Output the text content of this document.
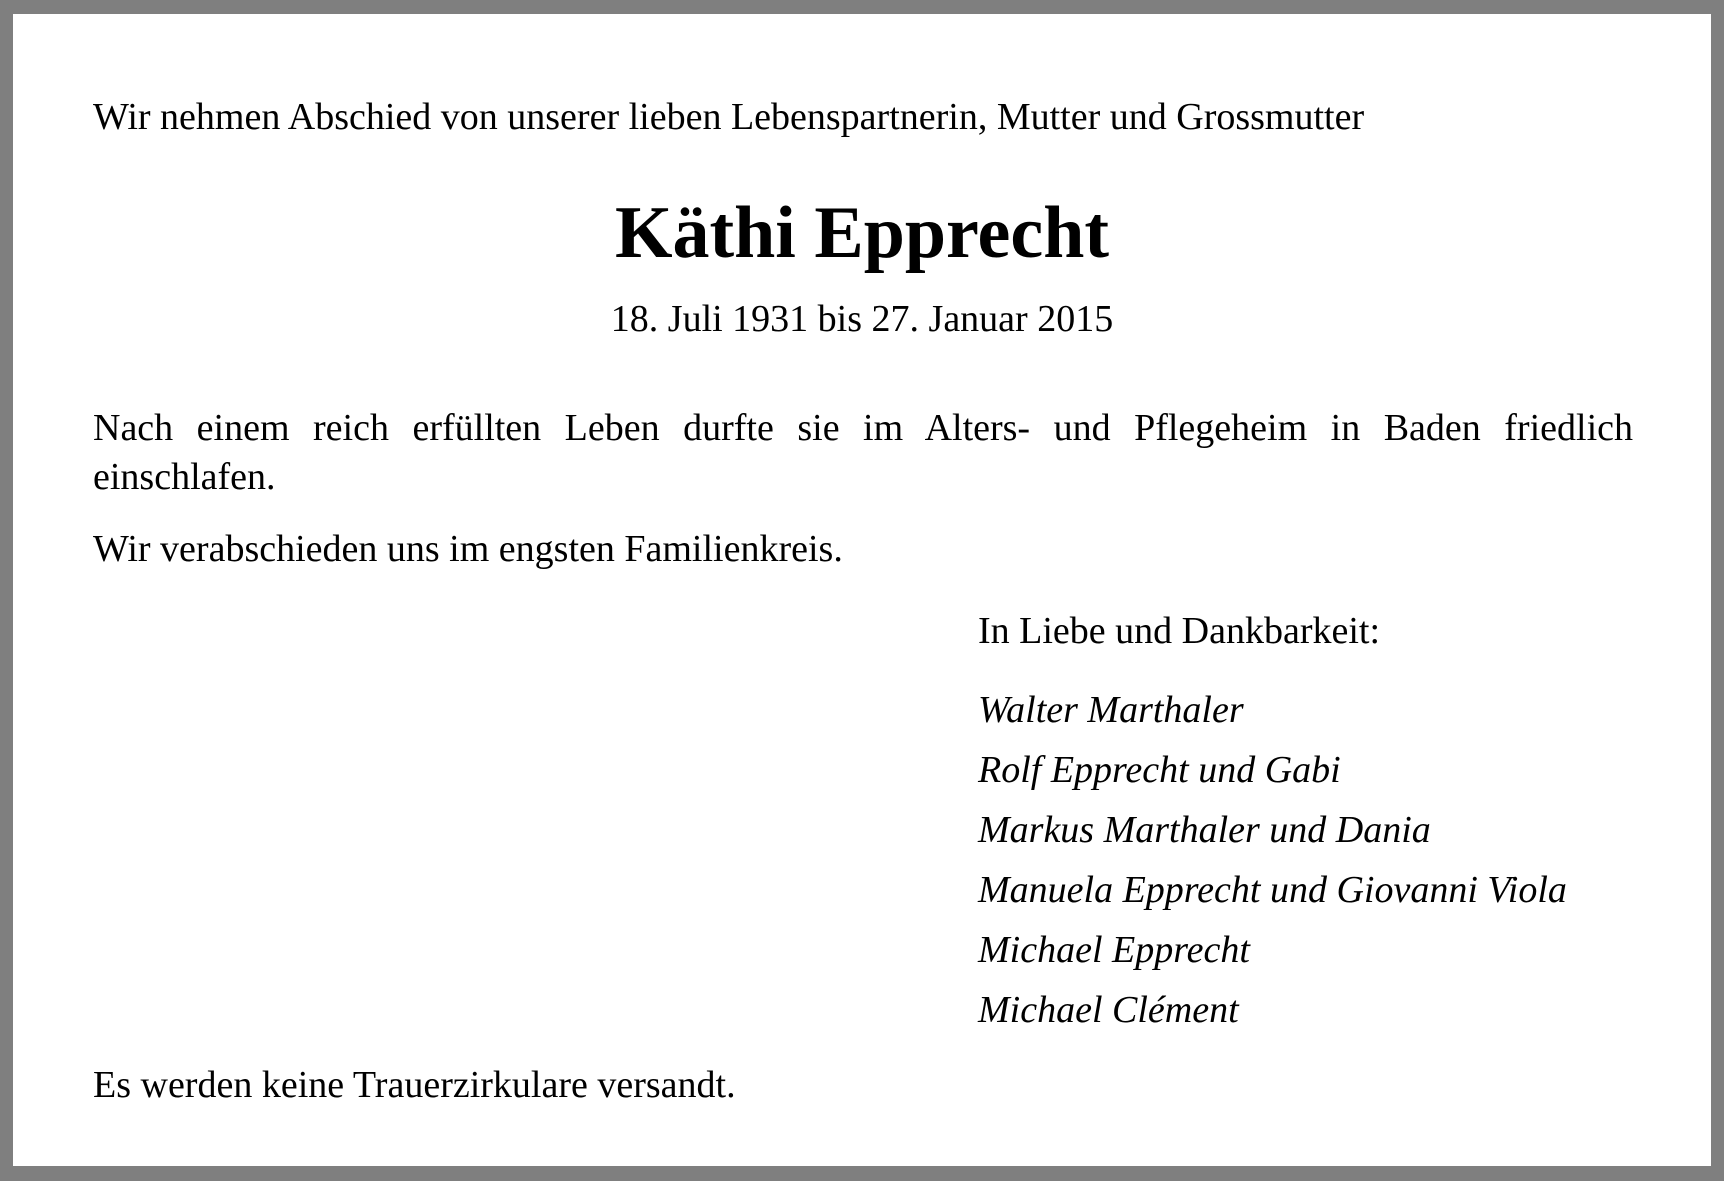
Wir nehmen Abschied von unserer lieben Lebenspartnerin, Mutter und Grossmutter
Käthi Epprecht
18. Juli 1931 bis 27. Januar 2015
Nach einem reich erfüllten Leben durfte sie im Alters- und Pflegeheim in Baden friedlich einschlafen.
Wir verabschieden uns im engsten Familienkreis.
In Liebe und Dankbarkeit:
Walter Marthaler
Rolf Epprecht und Gabi
Markus Marthaler und Dania
Manuela Epprecht und Giovanni Viola
Michael Epprecht
Michael Clément
Es werden keine Trauerzirkulare versandt.
